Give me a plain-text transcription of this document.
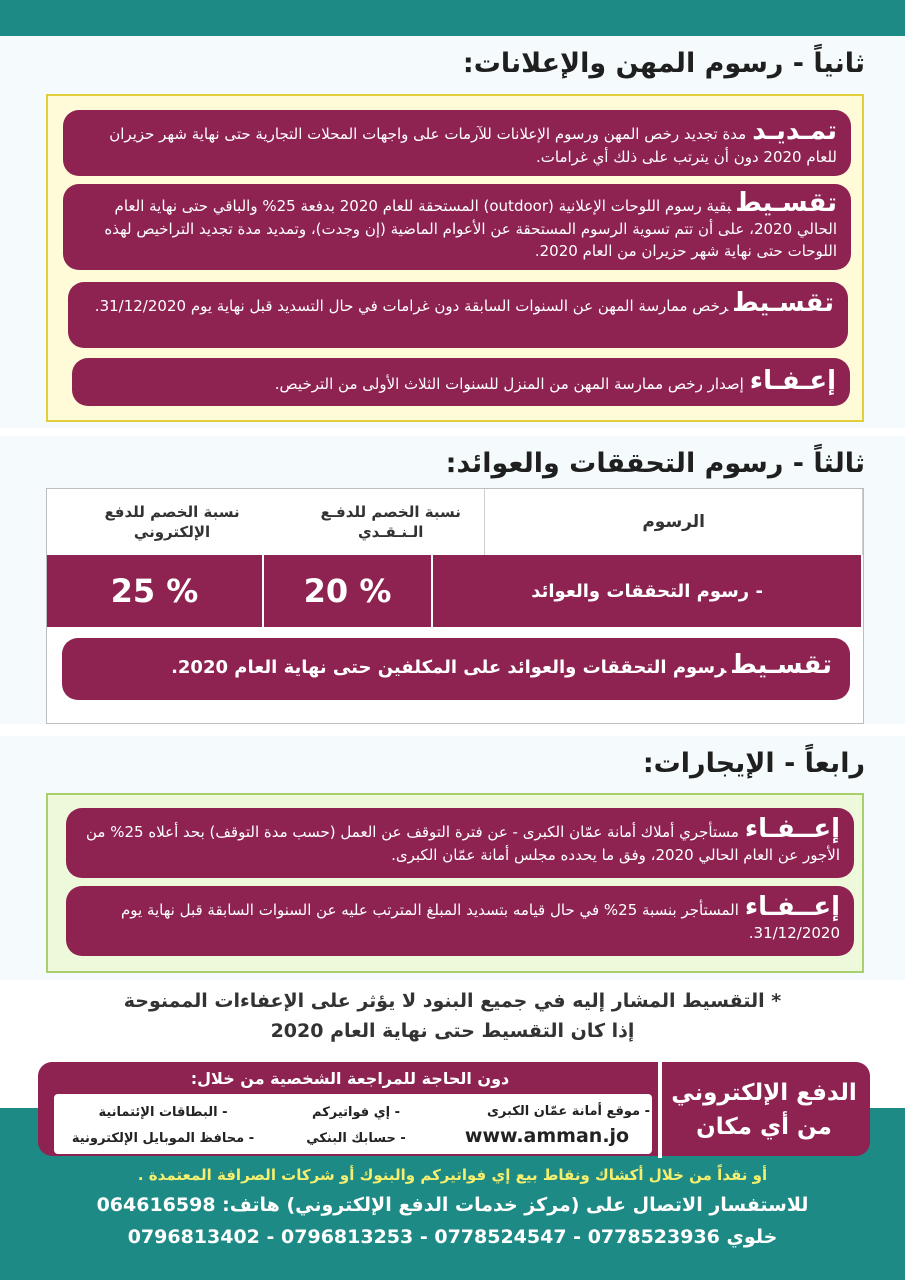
ثانياً - رسوم المهن والإعلانات:
تمـديـدمدة تجديد رخص المهن ورسوم الإعلانات للآرمات على واجهات المحلات التجارية حتى نهاية شهر حزيران للعام 2020 دون أن يترتب على ذلك أي غرامات.
تقسـيطبقية رسوم اللوحات الإعلانية (outdoor) المستحقة للعام 2020 بدفعة 25% والباقي حتى نهاية العام الحالي 2020، على أن تتم تسوية الرسوم المستحقة عن الأعوام الماضية (إن وجدت)، وتمديد مدة تجديد التراخيص لهذه اللوحات حتى نهاية شهر حزيران من العام 2020.
تقسـيطرخص ممارسة المهن عن السنوات السابقة دون غرامات في حال التسديد قبل نهاية يوم 31/12/2020.
إعـفـاءإصدار رخص ممارسة المهن من المنزل للسنوات الثلاث الأولى من الترخيص.
ثالثاً - رسوم التحققات والعوائد:
الرسوم
نسبة الخصم للدفـع الـنـقـدي
نسبة الخصم للدفع الإلكتروني
- رسوم التحققات والعوائد
20 %
25 %
تقسـيطرسوم التحققات والعوائد على المكلفين حتى نهاية العام 2020.
رابعاً - الإيجارات:
إعــفـاءمستأجري أملاك أمانة عمّان الكبرى - عن فترة التوقف عن العمل (حسب مدة التوقف) بحد أعلاه 25% من الأجور عن العام الحالي 2020، وفق ما يحدده مجلس أمانة عمّان الكبرى.
إعــفـاءالمستأجر بنسبة 25% في حال قيامه بتسديد المبلغ المترتب عليه عن السنوات السابقة قبل نهاية يوم 31/12/2020.
* التقسيط المشار إليه في جميع البنود لا يؤثر على الإعفاءات الممنوحة
إذا كان التقسيط حتى نهاية العام 2020
الدفع الإلكتروني
من أي مكان
دون الحاجة للمراجعة الشخصية من خلال:
- موقع أمانة عمّان الكبرى
www.amman.jo
- إي فواتيركم
- حسابك البنكي
- البطاقات الإئتمانية
- محافظ الموبايل الإلكترونية
أو نقداً من خلال أكشاك ونقاط بيع إي فواتيركم والبنوك أو شركات الصرافة المعتمدة .
للاستفسار الاتصال على (مركز خدمات الدفع الإلكتروني) هاتف: 064616598
خلوي 0778523936 - 0778524547 - 0796813253 - 0796813402
